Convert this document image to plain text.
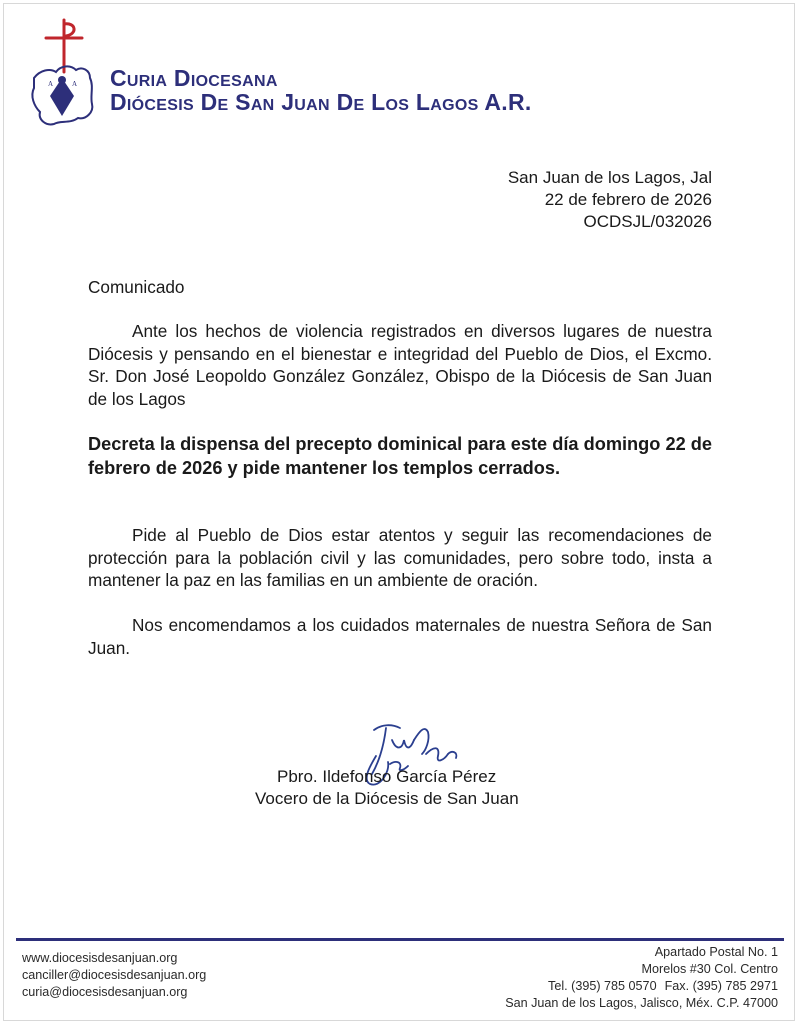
A	A Curia Diocesana
Diócesis De San Juan De Los Lagos A.R.
San Juan de los Lagos, Jal
22 de febrero de 2026
OCDSJL/032026
Comunicado
Ante los hechos de violencia registrados en diversos lugares de nuestra Diócesis y pensando en el bienestar e integridad del Pueblo de Dios, el Excmo. Sr. Don José Leopoldo González González, Obispo de la Diócesis de San Juan de los Lagos
Decreta la dispensa del precepto dominical para este día domingo 22 de febrero de 2026 y pide mantener los templos cerrados.
Pide al Pueblo de Dios estar atentos y seguir las recomendaciones de protección para la población civil y las comunidades, pero sobre todo, insta a mantener la paz en las familias en un ambiente de oración.
Nos encomendamos a los cuidados maternales de nuestra Señora de San Juan.
Pbro. Ildefonso García Pérez
Vocero de la Diócesis de San Juan
www.diocesisdesanjuan.org
canciller@diocesisdesanjuan.org
curia@diocesisdesanjuan.org
Apartado Postal No. 1
Morelos #30 Col. Centro
Tel. (395) 785 0570 Fax. (395) 785 2971
San Juan de los Lagos, Jalisco, Méx. C.P. 47000
